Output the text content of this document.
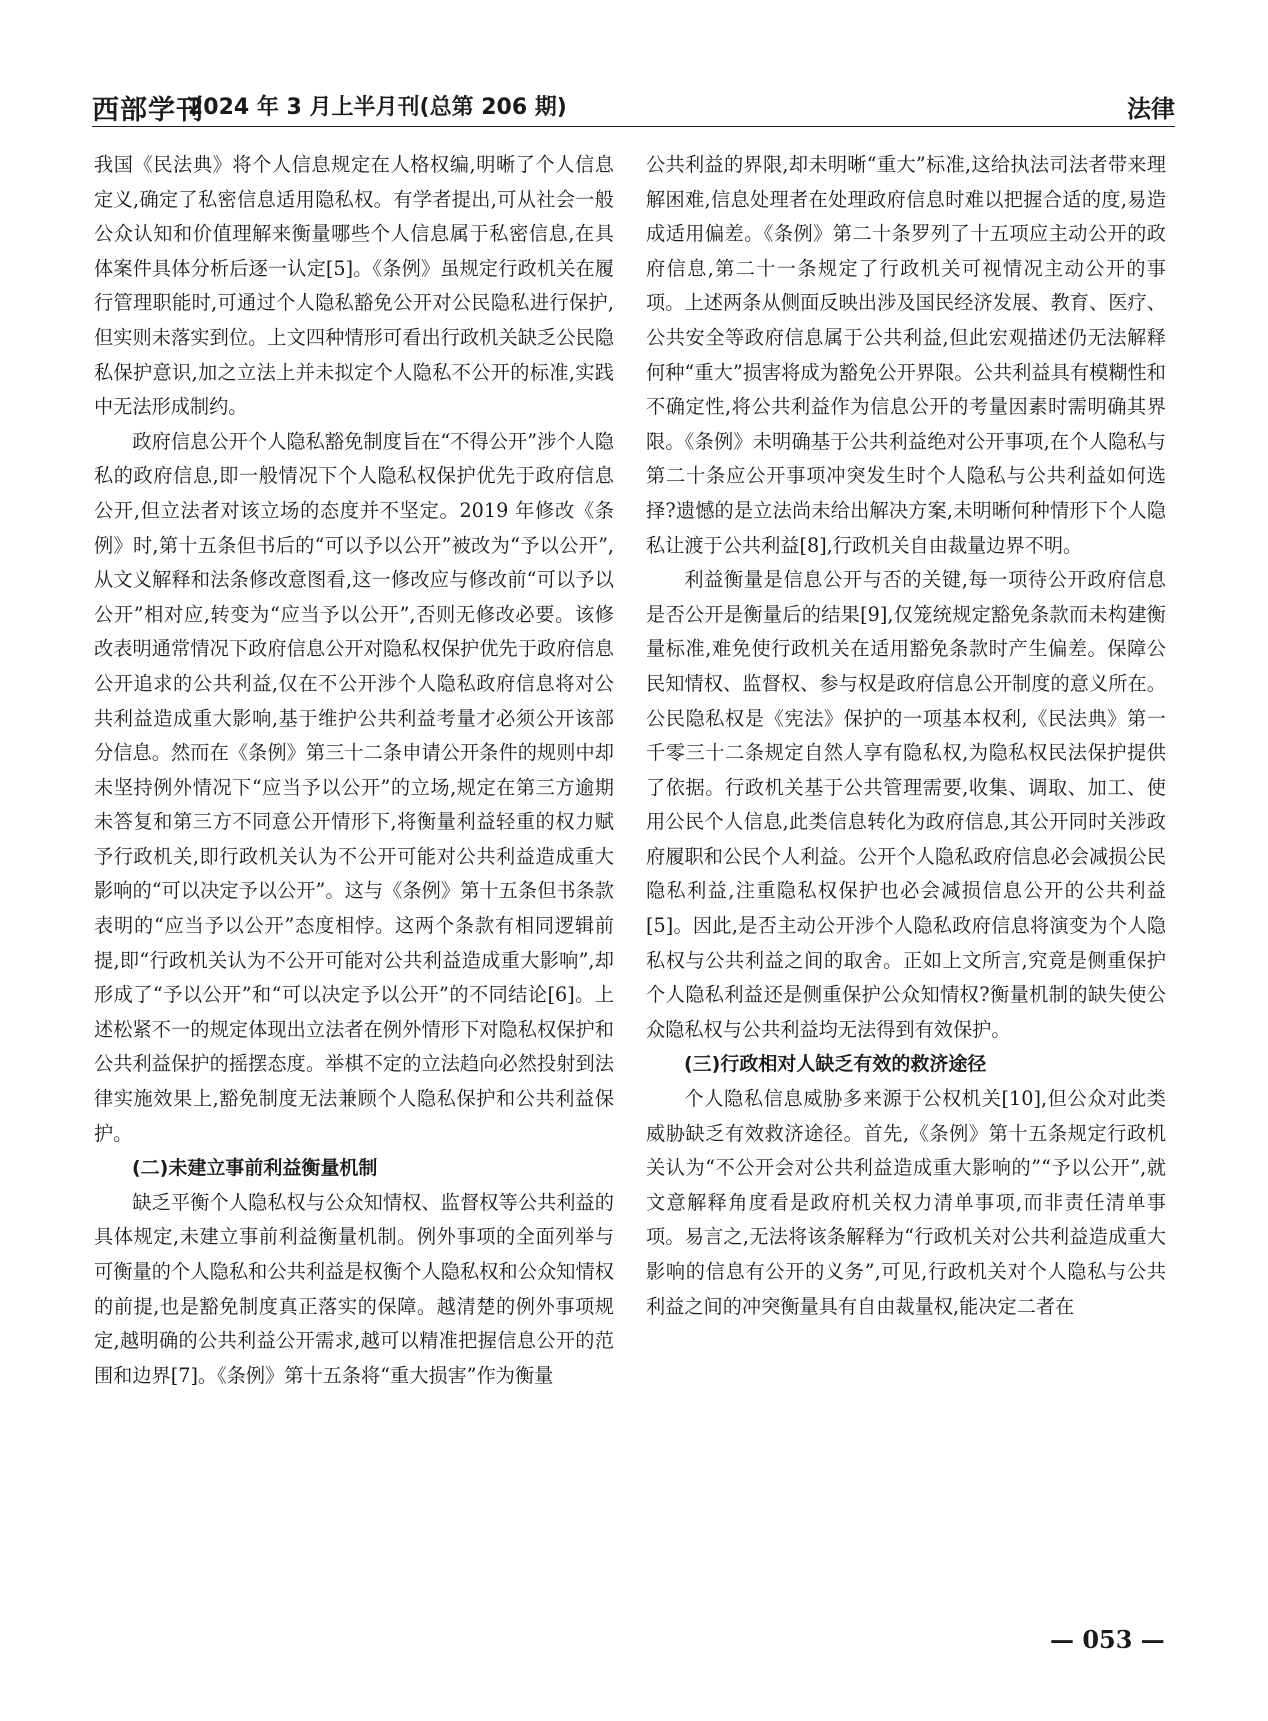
西部学刊
2024 年 3 月上半月刊(总第 206 期)	法律

我国《民法典》将个人信息规定在人格权编,明晰了个人信息定义,确定了私密信息适用隐私权。有学者提出,可从社会一般公众认知和价值理解来衡量哪些个人信息属于私密信息,在具体案件具体分析后逐一认定[5]。《条例》虽规定行政机关在履行管理职能时,可通过个人隐私豁免公开对公民隐私进行保护,但实则未落实到位。上文四种情形可看出行政机关缺乏公民隐私保护意识,加之立法上并未拟定个人隐私不公开的标准,实践中无法形成制约。

政府信息公开个人隐私豁免制度旨在“不得公开”涉个人隐私的政府信息,即一般情况下个人隐私权保护优先于政府信息公开,但立法者对该立场的态度并不坚定。2019 年修改《条例》时,第十五条但书后的“可以予以公开”被改为“予以公开”,从文义解释和法条修改意图看,这一修改应与修改前“可以予以公开”相对应,转变为“应当予以公开”,否则无修改必要。该修改表明通常情况下政府信息公开对隐私权保护优先于政府信息公开追求的公共利益,仅在不公开涉个人隐私政府信息将对公共利益造成重大影响,基于维护公共利益考量才必须公开该部分信息。然而在《条例》第三十二条申请公开条件的规则中却未坚持例外情况下“应当予以公开”的立场,规定在第三方逾期未答复和第三方不同意公开情形下,将衡量利益轻重的权力赋予行政机关,即行政机关认为不公开可能对公共利益造成重大影响的“可以决定予以公开”。这与《条例》第十五条但书条款表明的“应当予以公开”态度相悖。这两个条款有相同逻辑前提,即“行政机关认为不公开可能对公共利益造成重大影响”,却形成了“予以公开”和“可以决定予以公开”的不同结论[6]。上述松紧不一的规定体现出立法者在例外情形下对隐私权保护和公共利益保护的摇摆态度。举棋不定的立法趋向必然投射到法律实施效果上,豁免制度无法兼顾个人隐私保护和公共利益保护。

(二)未建立事前利益衡量机制

缺乏平衡个人隐私权与公众知情权、监督权等公共利益的具体规定,未建立事前利益衡量机制。例外事项的全面列举与可衡量的个人隐私和公共利益是权衡个人隐私权和公众知情权的前提,也是豁免制度真正落实的保障。越清楚的例外事项规定,越明确的公共利益公开需求,越可以精准把握信息公开的范围和边界[7]。《条例》第十五条将“重大损害”作为衡量

公共利益的界限,却未明晰“重大”标准,这给执法司法者带来理解困难,信息处理者在处理政府信息时难以把握合适的度,易造成适用偏差。《条例》第二十条罗列了十五项应主动公开的政府信息,第二十一条规定了行政机关可视情况主动公开的事项。上述两条从侧面反映出涉及国民经济发展、教育、医疗、公共安全等政府信息属于公共利益,但此宏观描述仍无法解释何种“重大”损害将成为豁免公开界限。公共利益具有模糊性和不确定性,将公共利益作为信息公开的考量因素时需明确其界限。《条例》未明确基于公共利益绝对公开事项,在个人隐私与第二十条应公开事项冲突发生时个人隐私与公共利益如何选择?遗憾的是立法尚未给出解决方案,未明晰何种情形下个人隐私让渡于公共利益[8],行政机关自由裁量边界不明。

利益衡量是信息公开与否的关键,每一项待公开政府信息是否公开是衡量后的结果[9],仅笼统规定豁免条款而未构建衡量标准,难免使行政机关在适用豁免条款时产生偏差。保障公民知情权、监督权、参与权是政府信息公开制度的意义所在。公民隐私权是《宪法》保护的一项基本权利,《民法典》第一千零三十二条规定自然人享有隐私权,为隐私权民法保护提供了依据。行政机关基于公共管理需要,收集、调取、加工、使用公民个人信息,此类信息转化为政府信息,其公开同时关涉政府履职和公民个人利益。公开个人隐私政府信息必会减损公民隐私利益,注重隐私权保护也必会减损信息公开的公共利益[5]。因此,是否主动公开涉个人隐私政府信息将演变为个人隐私权与公共利益之间的取舍。正如上文所言,究竟是侧重保护个人隐私利益还是侧重保护公众知情权?衡量机制的缺失使公众隐私权与公共利益均无法得到有效保护。

(三)行政相对人缺乏有效的救济途径

个人隐私信息威胁多来源于公权机关[10],但公众对此类威胁缺乏有效救济途径。首先,《条例》第十五条规定行政机关认为“不公开会对公共利益造成重大影响的”“予以公开”,就文意解释角度看是政府机关权力清单事项,而非责任清单事项。易言之,无法将该条解释为“行政机关对公共利益造成重大影响的信息有公开的义务”,可见,行政机关对个人隐私与公共利益之间的冲突衡量具有自由裁量权,能决定二者在

— 053 —
